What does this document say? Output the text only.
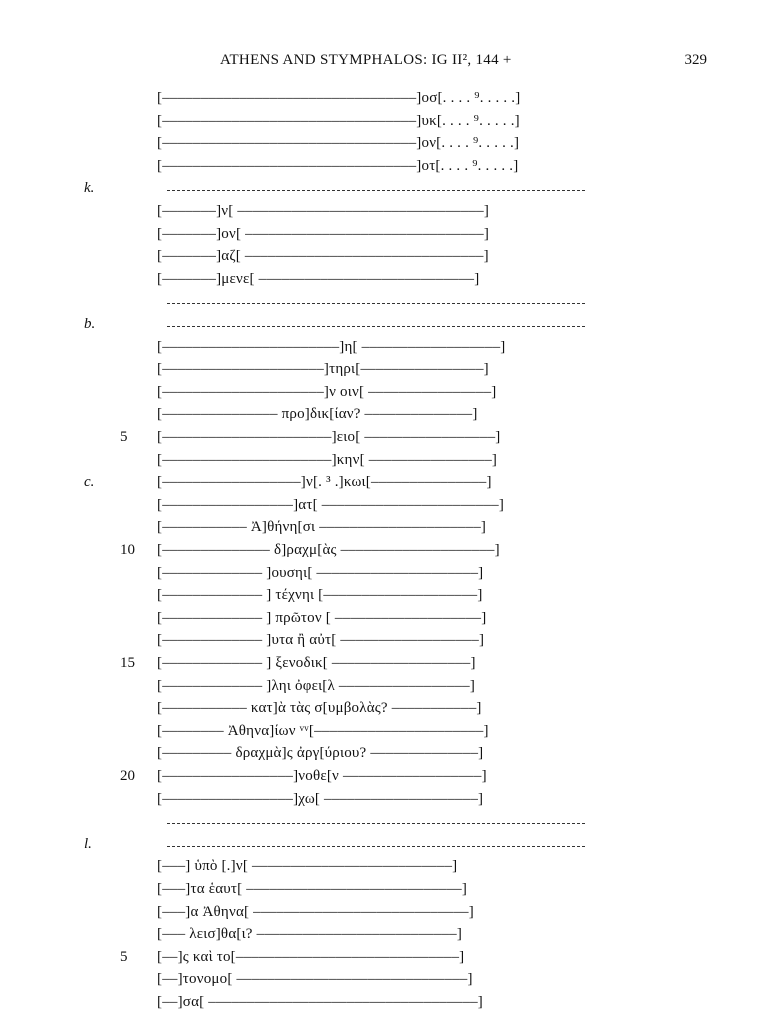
ATHENS AND STYMPHALOS: IG II², 144 +	329
[–––––––––––––––––––––––––––––––––]οσ[. . . . ⁹. . . . .]
[–––––––––––––––––––––––––––––––––]υκ[. . . . ⁹. . . . .]
[–––––––––––––––––––––––––––––––––]ον[. . . . ⁹. . . . .]
[–––––––––––––––––––––––––––––––––]οτ[. . . . ⁹. . . . .]
k.
[–––––––]ν[ ––––––––––––––––––––––––––––––––]
[–––––––]ον[ –––––––––––––––––––––––––––––––]
[–––––––]αζ[ –––––––––––––––––––––––––––––––]
[–––––––]μενε[ ––––––––––––––––––––––––––––]
b.
[–––––––––––––––––––––––]η[ ––––––––––––––––––]
[–––––––––––––––––––––]τηρι[––––––––––––––––]
[–––––––––––––––––––––]ν οιν[ ––––––––––––––––]
[––––––––––––––– προ]δικ[ίαν? ––––––––––––––]
5	[––––––––––––––––––––––]ειο[ –––––––––––––––––]
[––––––––––––––––––––––]κην[ ––––––––––––––––]
c.	[––––––––––––––––––]ν[. ³ .]κωι[–––––––––––––––]
[–––––––––––––––––]ατ[ –––––––––––––––––––––––]
[––––––––––– Ἀ]θήνη[σι –––––––––––––––––––––]
10	[–––––––––––––– δ]ραχμ[ὰς ––––––––––––––––––––]
[––––––––––––– ]ουσηι[ –––––––––––––––––––––]
[––––––––––––– ] τέχνηι [––––––––––––––––––––]
[––––––––––––– ] πρῶτον [ –––––––––––––––––––]
[––––––––––––– ]υτα ἢ αὐτ[ ––––––––––––––––––]
15	[––––––––––––– ] ξενοδικ[ ––––––––––––––––––]
[––––––––––––– ]ληι ὀφει[λ –––––––––––––––––]
[––––––––––– κατ]ὰ τὰς σ[υμβολὰς? –––––––––––]
[–––––––– Ἀθηνα]ίων ᵛᵛ[––––––––––––––––––––––]
[––––––––– δραχμὰ]ς ἀργ[ύριου? ––––––––––––––]
20	[–––––––––––––––––]νοθε[ν ––––––––––––––––––]
[–––––––––––––––––]χω[ ––––––––––––––––––––]
l.
[–––] ὑπὸ [.]ν[ ––––––––––––––––––––––––––]
[–––]τα ἑαυτ[ ––––––––––––––––––––––––––––]
[–––]α Ἀθηνα[ ––––––––––––––––––––––––––––]
[––– λεισ]θα[ι? ––––––––––––––––––––––––––]
5	[––]ς καὶ το[–––––––––––––––––––––––––––––]
[––]τονομο[ ––––––––––––––––––––––––––––––]
[––]σα[ –––––––––––––––––––––––––––––––––––]
